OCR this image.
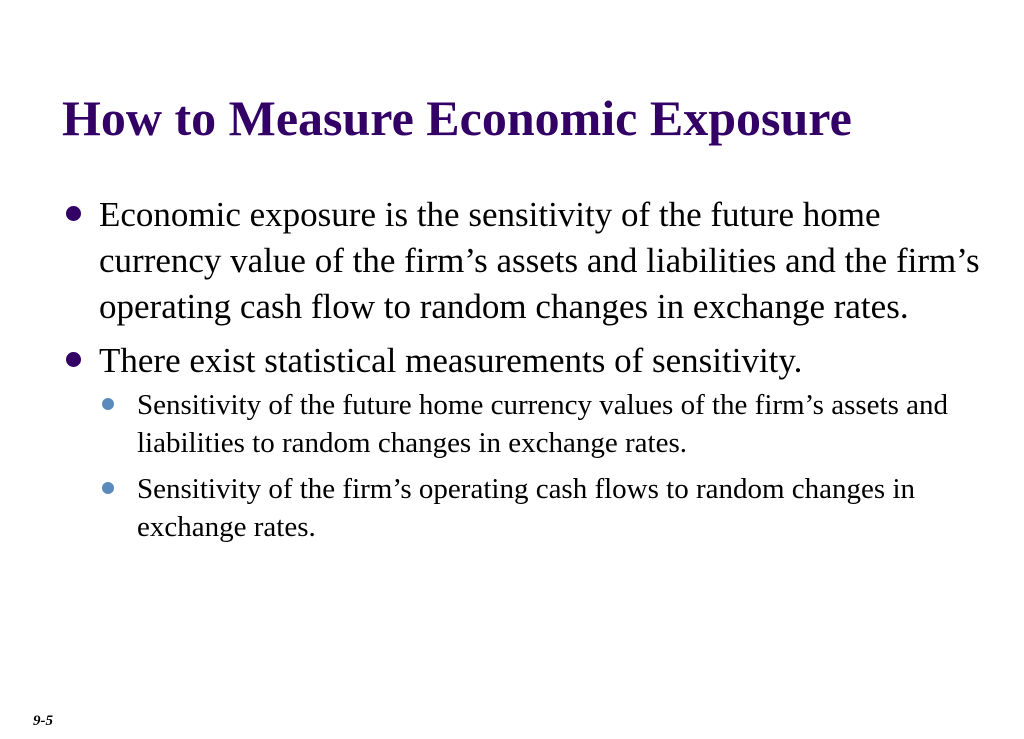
How to Measure Economic Exposure
Economic exposure is the sensitivity of the future home currency value of the firm’s assets and liabilities and the firm’s operating cash flow to random changes in exchange rates.
There exist statistical measurements of sensitivity.
Sensitivity of the future home currency values of the firm’s assets and liabilities to random changes in exchange rates.
Sensitivity of the firm’s operating cash flows to random changes in exchange rates.
9-5
